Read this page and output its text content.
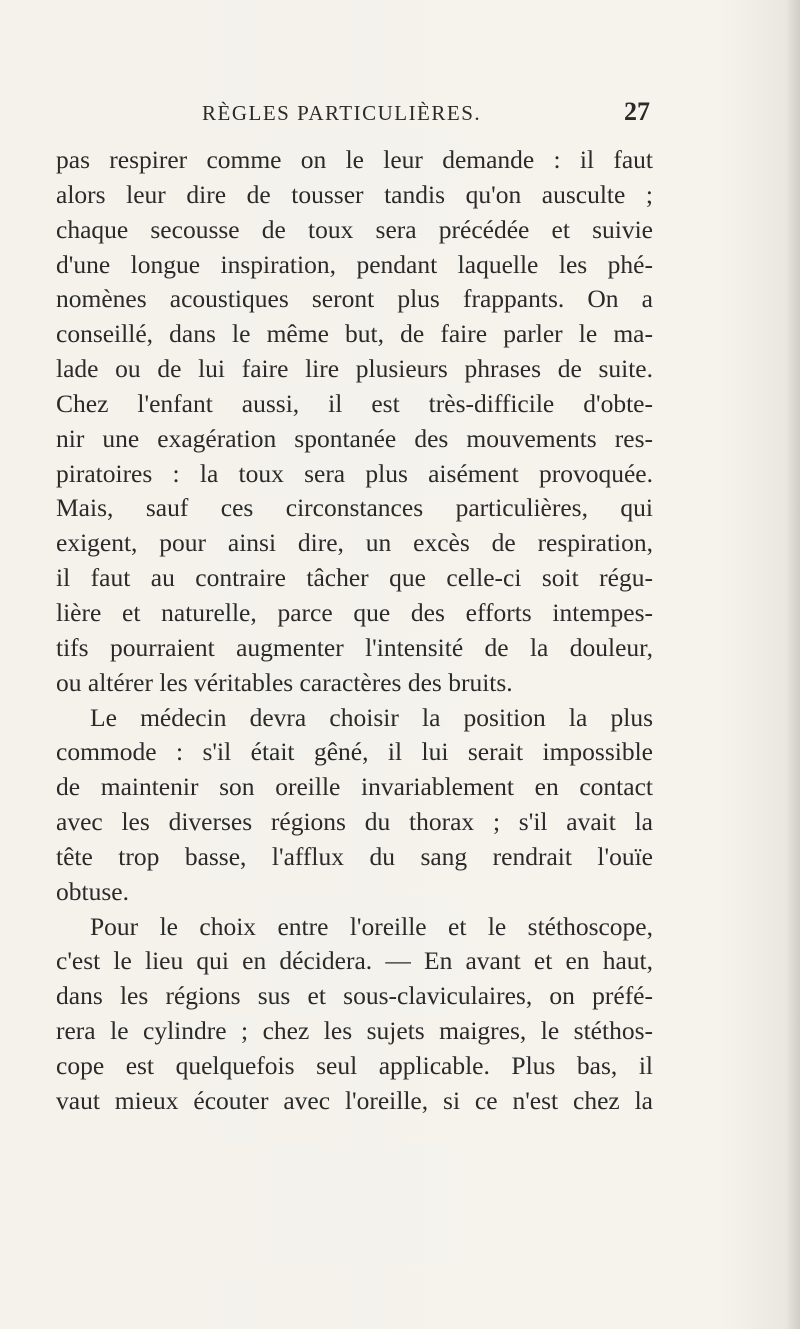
RÈGLES PARTICULIÈRES.	27
pas respirer comme on le leur demande : il faut
alors leur dire de tousser tandis qu'on ausculte ;
chaque secousse de toux sera précédée et suivie
d'une longue inspiration, pendant laquelle les phé-
nomènes acoustiques seront plus frappants. On a
conseillé, dans le même but, de faire parler le ma-
lade ou de lui faire lire plusieurs phrases de suite.
Chez l'enfant aussi, il est très-difficile d'obte-
nir une exagération spontanée des mouvements res-
piratoires : la toux sera plus aisément provoquée.
Mais, sauf ces circonstances particulières, qui
exigent, pour ainsi dire, un excès de respiration,
il faut au contraire tâcher que celle-ci soit régu-
lière et naturelle, parce que des efforts intempes-
tifs pourraient augmenter l'intensité de la douleur,
ou altérer les véritables caractères des bruits.
Le médecin devra choisir la position la plus
commode : s'il était gêné, il lui serait impossible
de maintenir son oreille invariablement en contact
avec les diverses régions du thorax ; s'il avait la
tête trop basse, l'afflux du sang rendrait l'ouïe
obtuse.
Pour le choix entre l'oreille et le stéthoscope,
c'est le lieu qui en décidera. — En avant et en haut,
dans les régions sus et sous-claviculaires, on préfé-
rera le cylindre ; chez les sujets maigres, le stéthos-
cope est quelquefois seul applicable. Plus bas, il
vaut mieux écouter avec l'oreille, si ce n'est chez la
